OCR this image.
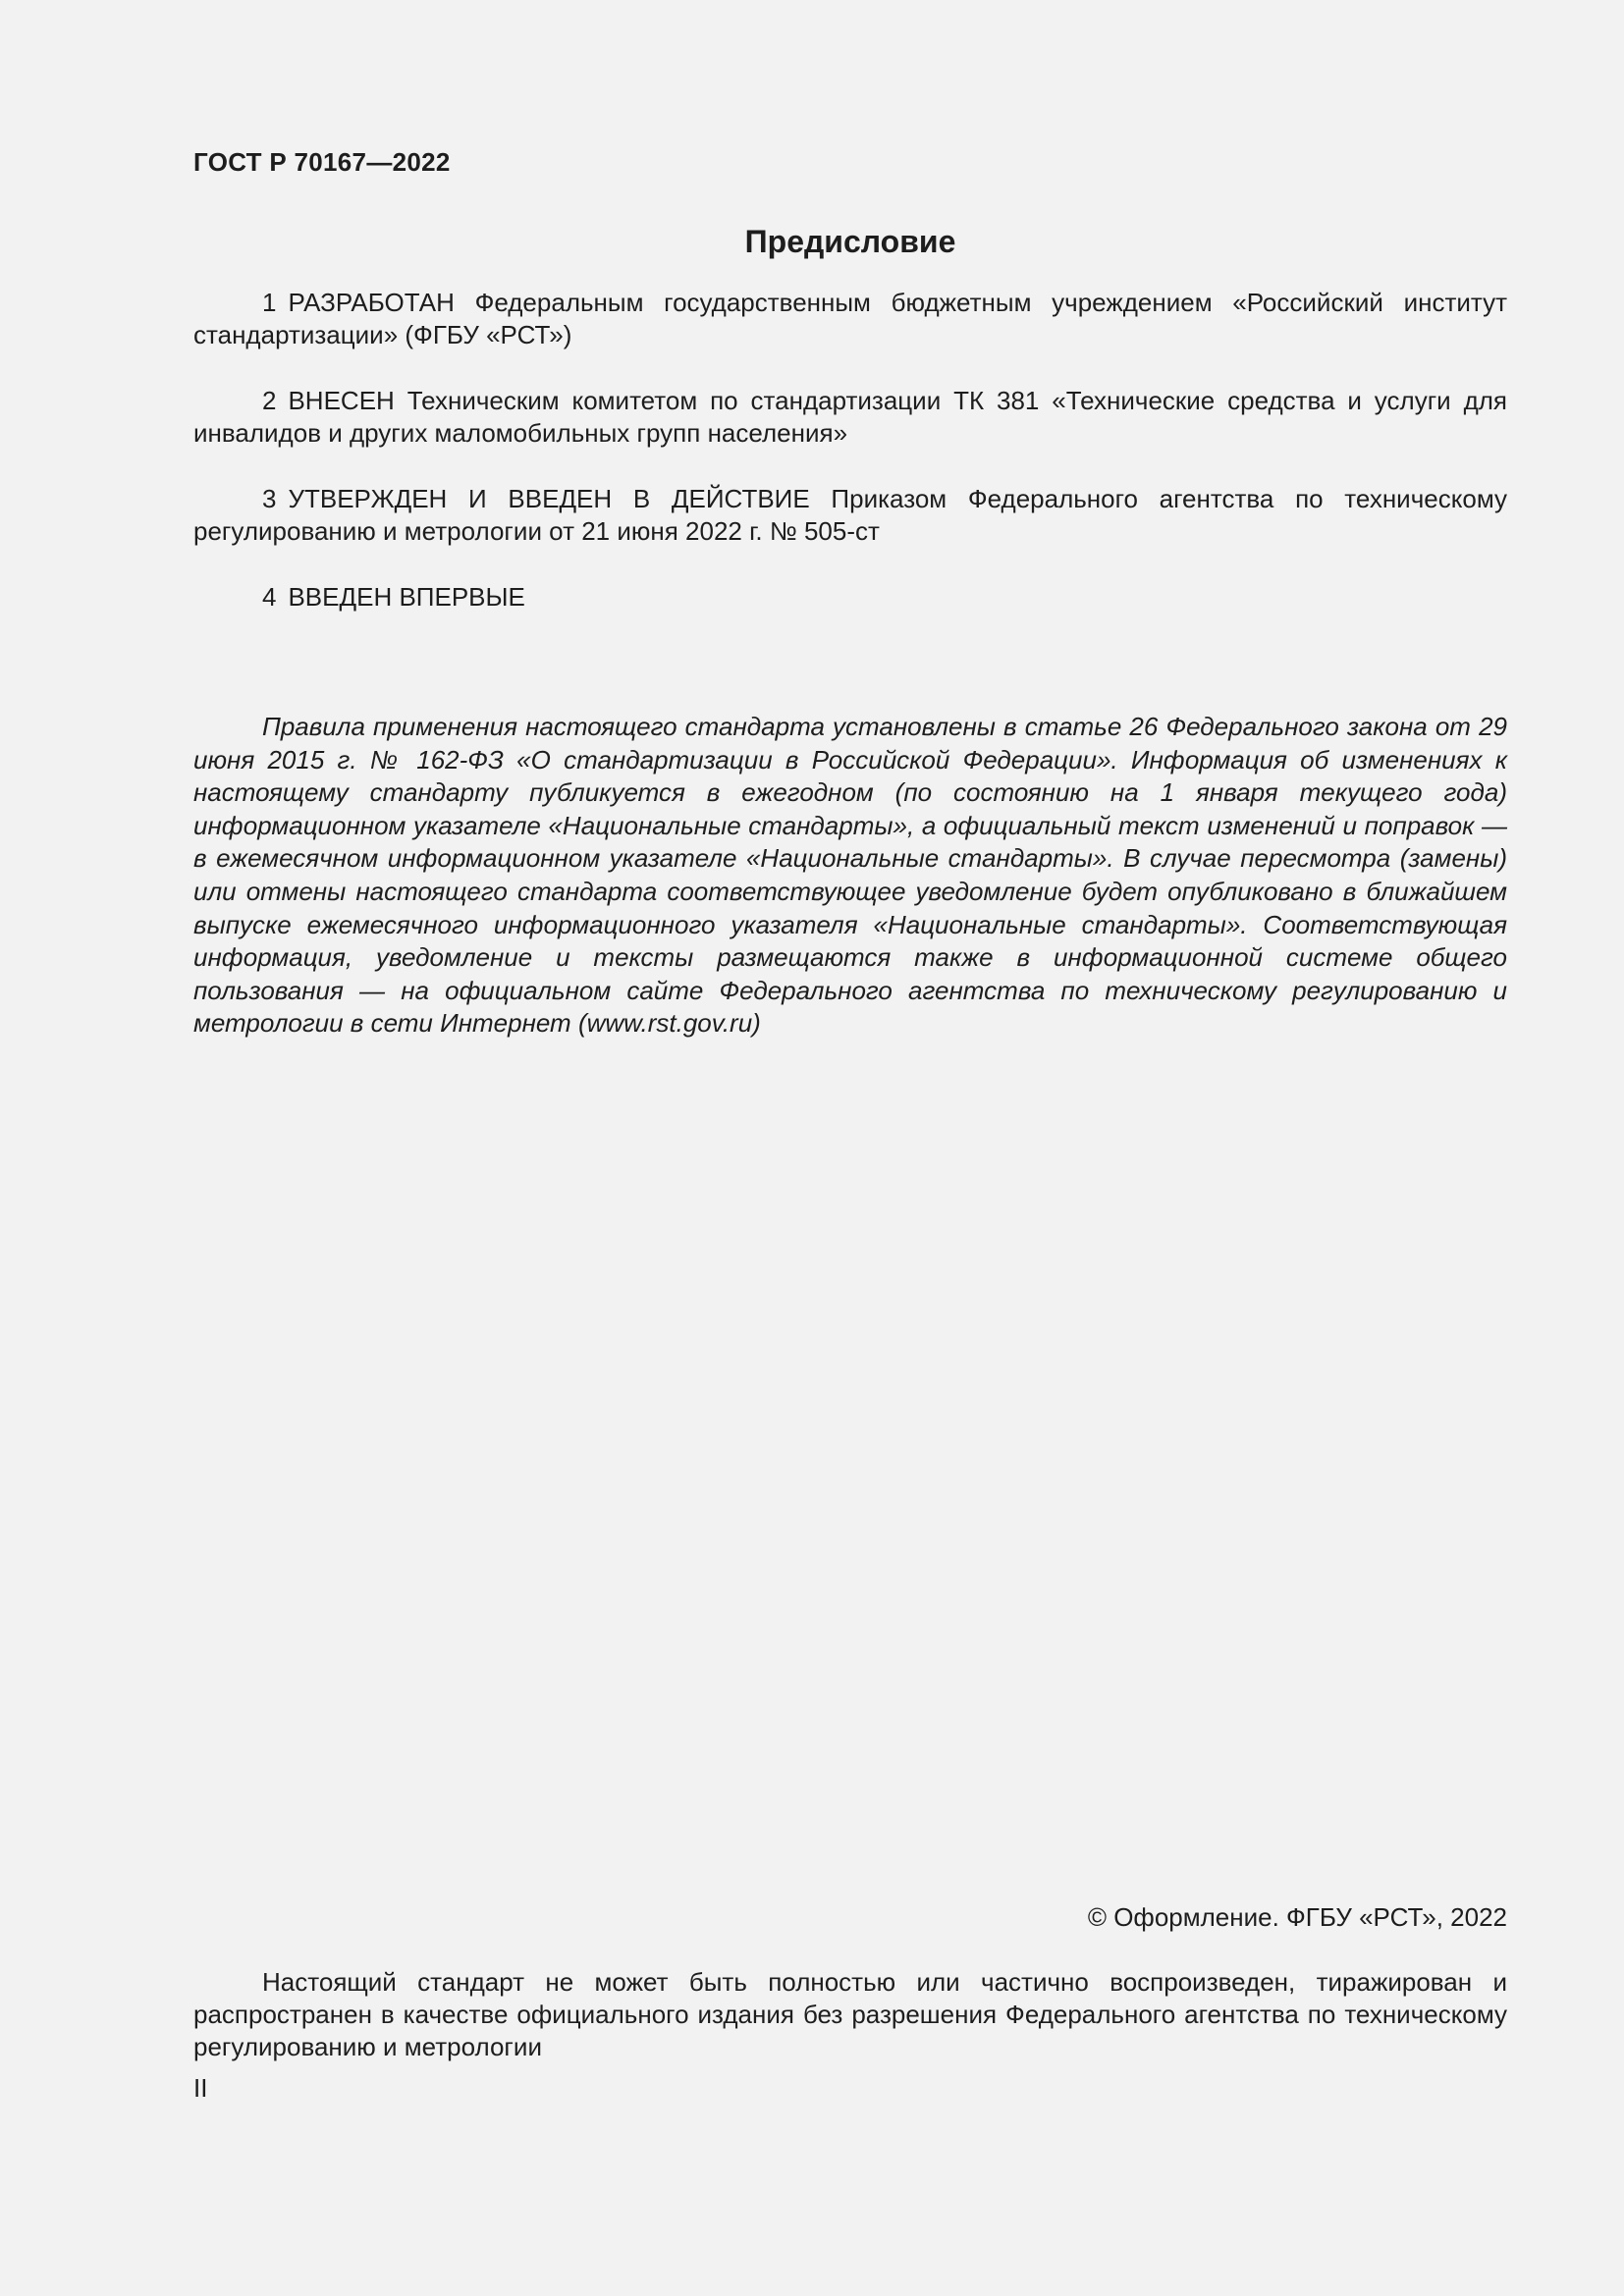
ГОСТ Р 70167—2022
Предисловие

1 РАЗРАБОТАН Федеральным государственным бюджетным учреждением «Российский институт стандартизации» (ФГБУ «РСТ»)

2 ВНЕСЕН Техническим комитетом по стандартизации ТК 381 «Технические средства и услуги для инвалидов и других маломобильных групп населения»

3 УТВЕРЖДЕН И ВВЕДЕН В ДЕЙСТВИЕ Приказом Федерального агентства по техническому регулированию и метрологии от 21 июня 2022 г. № 505-ст

4 ВВЕДЕН ВПЕРВЫЕ

Правила применения настоящего стандарта установлены в статье 26 Федерального закона от 29 июня 2015 г. № 162-ФЗ «О стандартизации в Российской Федерации». Информация об изменениях к настоящему стандарту публикуется в ежегодном (по состоянию на 1 января текущего года) информационном указателе «Национальные стандарты», а официальный текст изменений и поправок — в ежемесячном информационном указателе «Национальные стандарты». В случае пересмотра (замены) или отмены настоящего стандарта соответствующее уведомление будет опубликовано в ближайшем выпуске ежемесячного информационного указателя «Национальные стандарты». Соответствующая информация, уведомление и тексты размещаются также в информационной системе общего пользования — на официальном сайте Федерального агентства по техническому регулированию и метрологии в сети Интернет (www.rst.gov.ru)

© Оформление. ФГБУ «РСТ», 2022

Настоящий стандарт не может быть полностью или частично воспроизведен, тиражирован и распространен в качестве официального издания без разрешения Федерального агентства по техническому регулированию и метрологии

II
